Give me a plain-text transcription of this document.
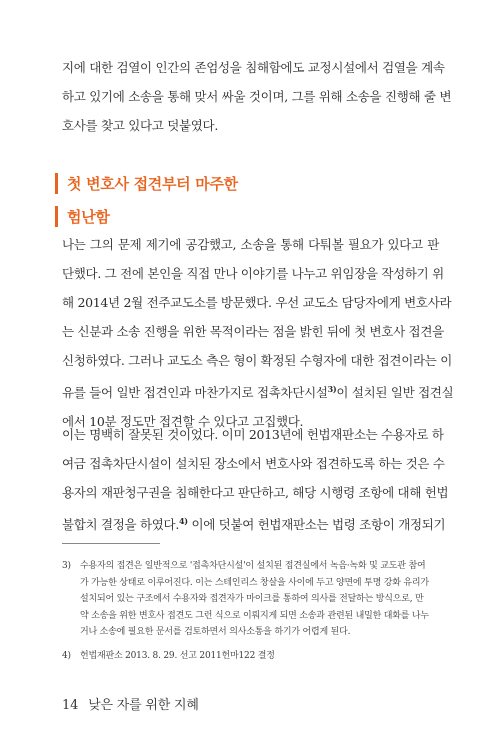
지에 대한 검열이 인간의 존엄성을 침해함에도 교정시설에서 검열을 계속
하고 있기에 소송을 통해 맞서 싸울 것이며, 그를 위해 소송을 진행해 줄 변
호사를 찾고 있다고 덧붙였다.
첫 변호사 접견부터 마주한
험난함
나는 그의 문제 제기에 공감했고, 소송을 통해 다퉈볼 필요가 있다고 판
단했다. 그 전에 본인을 직접 만나 이야기를 나누고 위임장을 작성하기 위
해 2014년 2월 전주교도소를 방문했다. 우선 교도소 담당자에게 변호사라
는 신분과 소송 진행을 위한 목적이라는 점을 밝힌 뒤에 첫 변호사 접견을
신청하였다. 그러나 교도소 측은 형이 확정된 수형자에 대한 접견이라는 이
유를 들어 일반 접견인과 마찬가지로 접촉차단시설$^{3)}$이 설치된 일반 접견실
에서 10분 정도만 접견할 수 있다고 고집했다.
이는 명백히 잘못된 것이었다. 이미 2013년에 헌법재판소는 수용자로 하
여금 접촉차단시설이 설치된 장소에서 변호사와 접견하도록 하는 것은 수
용자의 재판청구권을 침해한다고 판단하고, 해당 시행령 조항에 대해 헌법
불합치 결정을 하였다.$^{4)}$ 이에 덧붙여 헌법재판소는 법령 조항이 개정되기
3)	수용자의 접견은 일반적으로 '접촉차단시설'이 설치된 접견실에서 녹음·녹화 및 교도관 참여
가 가능한 상태로 이루어진다. 이는 스테인리스 창살을 사이에 두고 양면에 투명 강화 유리가
설치되어 있는 구조에서 수용자와 접견자가 마이크를 통하여 의사를 전달하는 방식으로, 만
약 소송을 위한 변호사 접견도 그런 식으로 이뤄지게 되면 소송과 관련된 내밀한 대화를 나누
거나 소송에 필요한 문서를 검토하면서 의사소통을 하기가 어렵게 된다.
4)	헌법재판소 2013. 8. 29. 선고 2011헌마122 결정
14 낮은 자를 위한 지혜
